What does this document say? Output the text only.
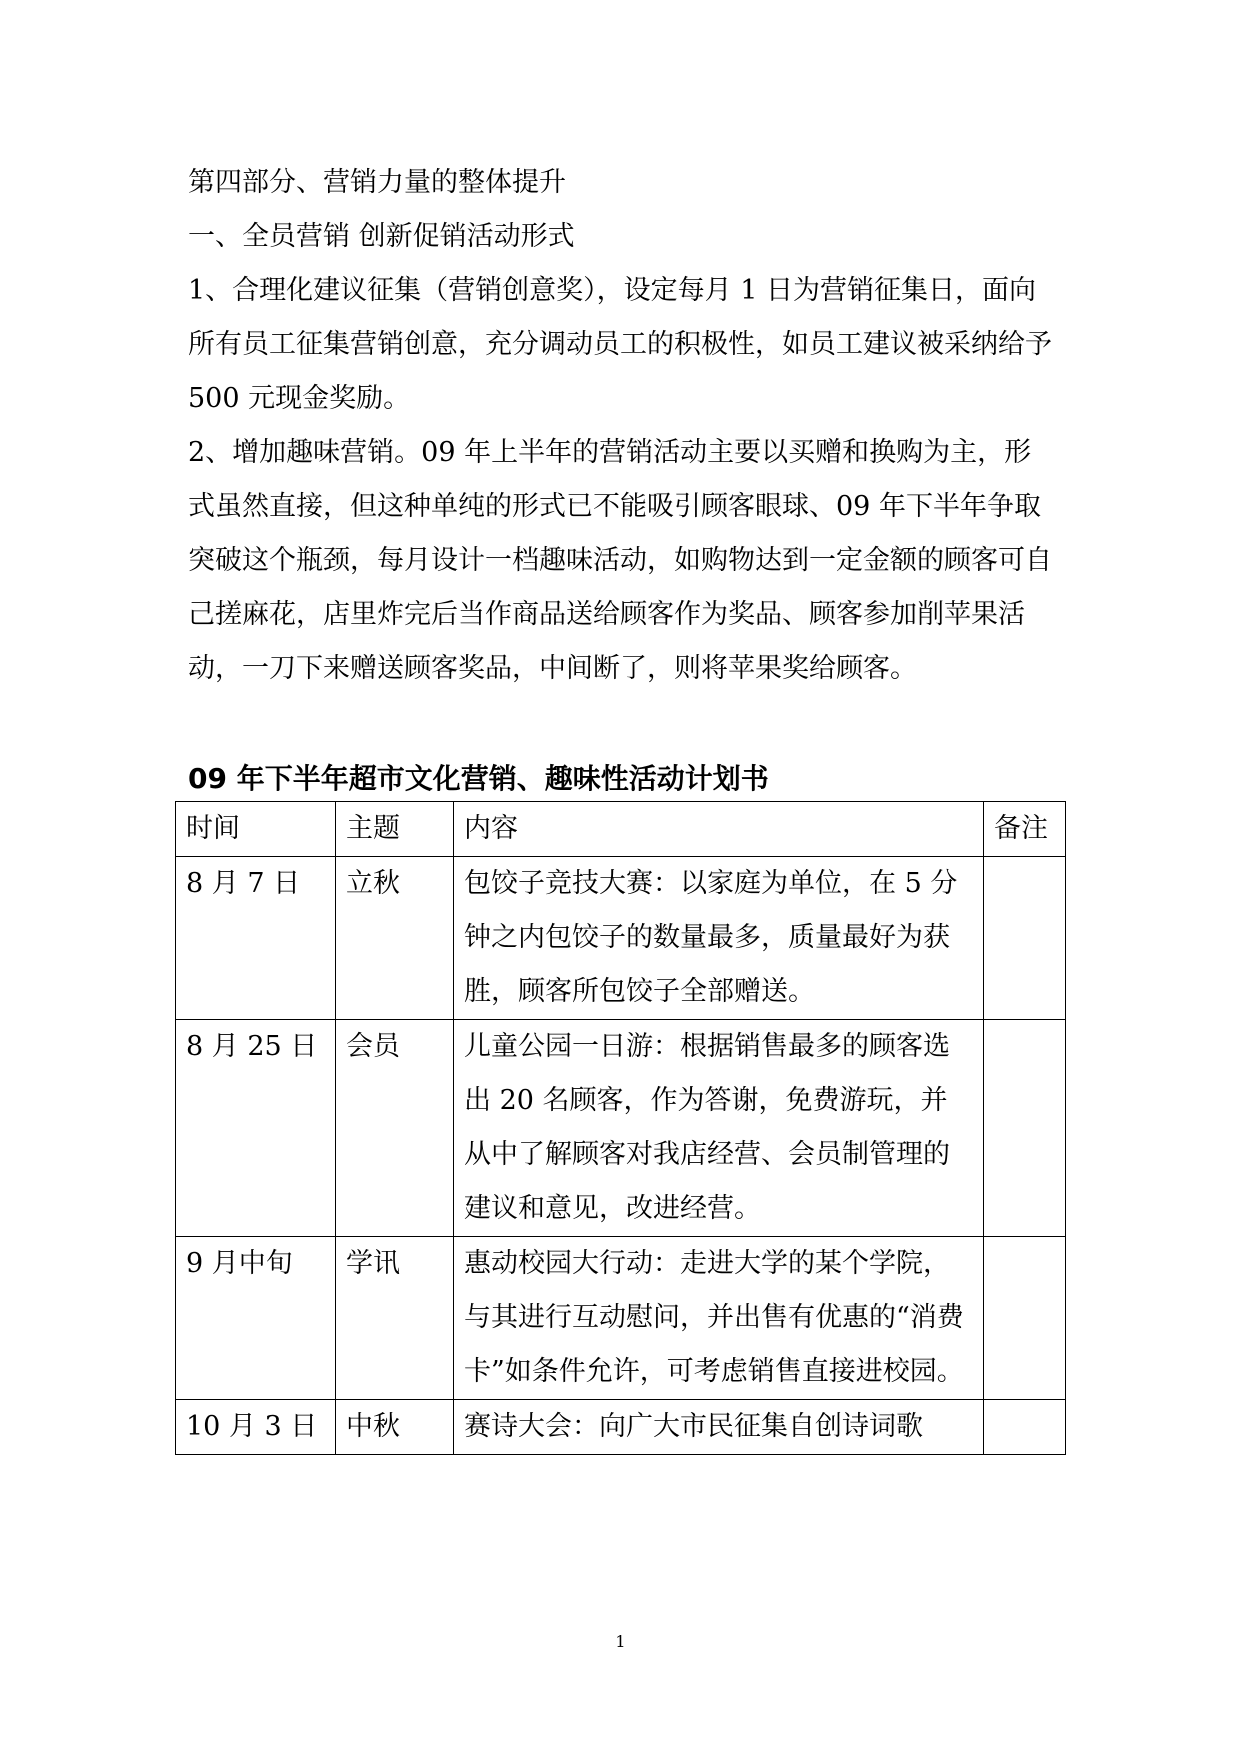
第四部分、营销力量的整体提升

一、全员营销 创新促销活动形式

1、合理化建议征集（营销创意奖），设定每月 1 日为营销征集日，面向所有员工征集营销创意，充分调动员工的积极性，如员工建议被采纳给予 500 元现金奖励。

2、增加趣味营销。09 年上半年的营销活动主要以买赠和换购为主，形式虽然直接，但这种单纯的形式已不能吸引顾客眼球、09 年下半年争取突破这个瓶颈，每月设计一档趣味活动，如购物达到一定金额的顾客可自己搓麻花，店里炸完后当作商品送给顾客作为奖品、顾客参加削苹果活动，一刀下来赠送顾客奖品，中间断了，则将苹果奖给顾客。

09 年下半年超市文化营销、趣味性活动计划书

时间	主题	内容	备注
8 月 7 日	立秋	包饺子竞技大赛：以家庭为单位，在 5 分钟之内包饺子的数量最多，质量最好为获胜，顾客所包饺子全部赠送。	
8 月 25 日	会员	儿童公园一日游：根据销售最多的顾客选出 20 名顾客，作为答谢，免费游玩，并从中了解顾客对我店经营、会员制管理的建议和意见，改进经营。	
9 月中旬	学讯	惠动校园大行动：走进大学的某个学院，与其进行互动慰问，并出售有优惠的“消费卡”如条件允许，可考虑销售直接进校园。	
10 月 3 日	中秋	赛诗大会：向广大市民征集自创诗词歌	
1
